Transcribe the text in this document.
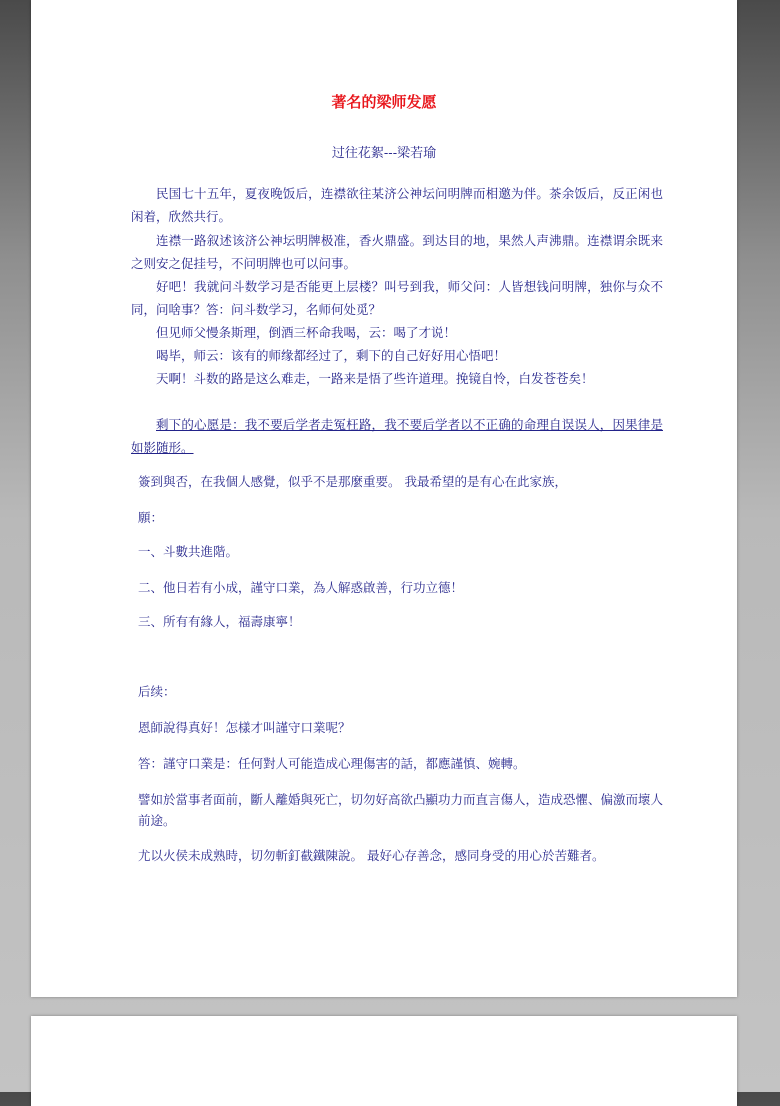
著名的梁师发愿
过往花絮---梁若瑜

民国七十五年，夏夜晚饭后，连襟欲往某济公神坛问明牌而相邀为伴。茶余饭后，反正闲也闲着，欣然共行。

连襟一路叙述该济公神坛明牌极准，香火鼎盛。到达目的地，果然人声沸鼎。连襟谓余既来之则安之促挂号，不问明牌也可以问事。

好吧！我就问斗数学习是否能更上层楼？叫号到我，师父问：人皆想钱问明牌，独你与众不同，问啥事？答：问斗数学习，名师何处觅？

但见师父慢条斯理，倒酒三杯命我喝，云：喝了才说！

喝毕，师云：该有的师缘都经过了，剩下的自己好好用心悟吧！

天啊！斗数的路是这么难走，一路来是悟了些许道理。挽镜自怜，白发苍苍矣！

剩下的心愿是：我不要后学者走冤枉路，我不要后学者以不正确的命理自误误人，因果律是如影随形。

簽到與否，在我個人感覺，似乎不是那麼重要。 我最希望的是有心在此家族，

願：

一、斗數共進階。

二、他日若有小成，謹守口業，為人解惑啟善，行功立德！

三、所有有緣人，福壽康寧！

后续：

恩師說得真好！怎樣才叫謹守口業呢？

答：謹守口業是：任何對人可能造成心理傷害的話，都應謹慎、婉轉。

譬如於當事者面前，斷人離婚與死亡，切勿好高欲凸顯功力而直言傷人，造成恐懼、偏激而壞人前途。

尤以火侯未成熟時，切勿斬釘截鐵陳說。 最好心存善念，感同身受的用心於苦難者。
